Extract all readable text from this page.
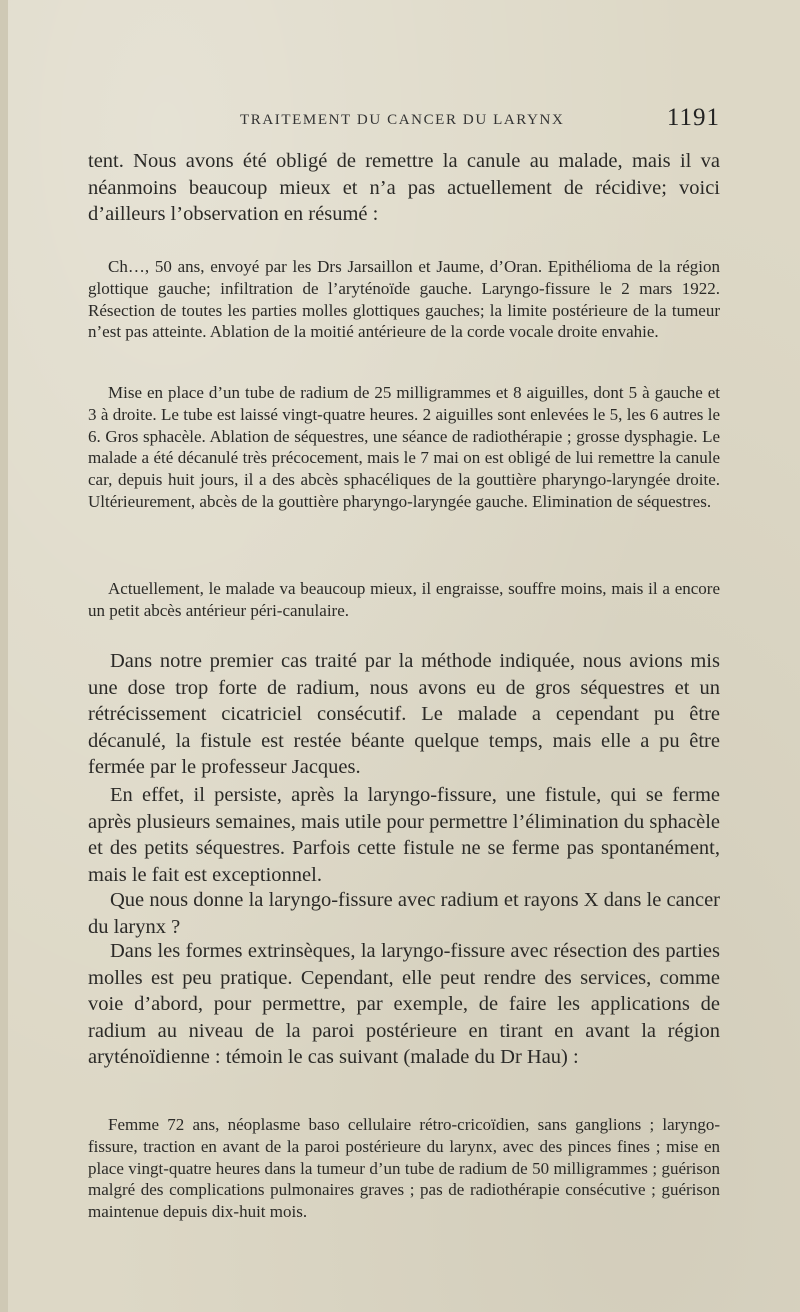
TRAITEMENT DU CANCER DU LARYNX	1191

tent. Nous avons été obligé de remettre la canule au malade, mais il va néanmoins beaucoup mieux et n’a pas actuellement de récidive; voici d’ailleurs l’observation en résumé :

Ch…, 50 ans, envoyé par les Drs Jarsaillon et Jaume, d’Oran. Epithélioma de la région glottique gauche; infiltration de l’aryténoïde gauche. Laryngo-fissure le 2 mars 1922. Résection de toutes les parties molles glottiques gauches; la limite postérieure de la tumeur n’est pas atteinte. Ablation de la moitié antérieure de la corde vocale droite envahie.

Mise en place d’un tube de radium de 25 milligrammes et 8 aiguilles, dont 5 à gauche et 3 à droite. Le tube est laissé vingt-quatre heures. 2 aiguilles sont enlevées le 5, les 6 autres le 6. Gros sphacèle. Ablation de séquestres, une séance de radiothérapie ; grosse dysphagie. Le malade a été décanulé très précocement, mais le 7 mai on est obligé de lui remettre la canule car, depuis huit jours, il a des abcès sphacéliques de la gouttière pharyngo-laryngée droite. Ultérieurement, abcès de la gouttière pharyngo-laryngée gauche. Elimination de séquestres.

Actuellement, le malade va beaucoup mieux, il engraisse, souffre moins, mais il a encore un petit abcès antérieur péri-canulaire.

Dans notre premier cas traité par la méthode indiquée, nous avions mis une dose trop forte de radium, nous avons eu de gros séquestres et un rétrécissement cicatriciel consécutif. Le malade a cependant pu être décanulé, la fistule est restée béante quelque temps, mais elle a pu être fermée par le professeur Jacques.

En effet, il persiste, après la laryngo-fissure, une fistule, qui se ferme après plusieurs semaines, mais utile pour permettre l’élimination du sphacèle et des petits séquestres. Parfois cette fistule ne se ferme pas spontanément, mais le fait est exceptionnel.

Que nous donne la laryngo-fissure avec radium et rayons X dans le cancer du larynx ?

Dans les formes extrinsèques, la laryngo-fissure avec résection des parties molles est peu pratique. Cependant, elle peut rendre des services, comme voie d’abord, pour permettre, par exemple, de faire les applications de radium au niveau de la paroi postérieure en tirant en avant la région aryténoïdienne : témoin le cas suivant (malade du Dr Hau) :

Femme 72 ans, néoplasme baso cellulaire rétro-cricoïdien, sans ganglions ; laryngo-fissure, traction en avant de la paroi postérieure du larynx, avec des pinces fines ; mise en place vingt-quatre heures dans la tumeur d’un tube de radium de 50 milligrammes ; guérison malgré des complications pulmonaires graves ; pas de radiothérapie consécutive ; guérison maintenue depuis dix-huit mois.
